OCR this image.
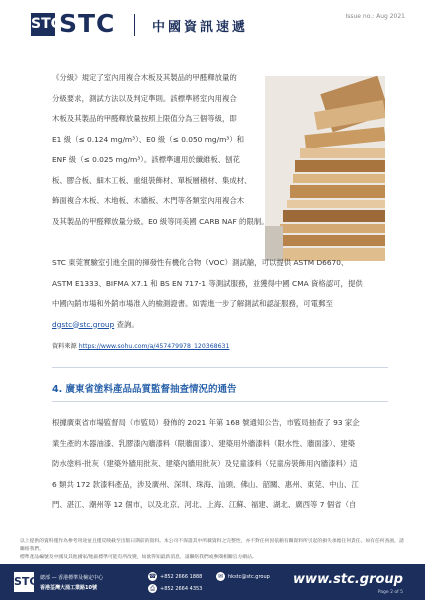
STC
STC	中國資訊速遞
Issue no.: Aug 2021
《分級》規定了室內用複合木板及其製品的甲醛釋放量的
分級要求，測試方法以及判定準則。該標準將室內用複合
木板及其製品的甲醛釋放量按照上限值分為三個等級，即
E1 級（≤ 0.124 mg/m³）、E0 級（≤ 0.050 mg/m³）和
ENF 級（≤ 0.025 mg/m³）。該標準適用於纖維板、刨花
板、膠合板、細木工板、重組裝飾材、單板層積材、集成材、
飾面複合木板、木地板、木牆板、木門等各類室內用複合木
及其製品的甲醛釋放量分級。E0 級等同美國 CARB NAF 的限制。
STC 東莞實驗室引進全面的揮發性有機化合物（VOC）測試艙，可以提供 ASTM D6670、
ASTM E1333、BIFMA X7.1 和 BS EN 717-1 等測試服務，並獲得中國 CMA 資格認可，提供
中國內銷市場和外銷市場准入的檢測證書。如需進一步了解測試和認証服務，可電郵至
dgstc@stc.group 查詢。
資料來源 https://www.sohu.com/a/457479978_120368631
4. 廣東省塗料產品品質監督抽查情況的通告
根據廣東省市場監督局（市監局）發佈的 2021 年第 168 號通知公告，市監局抽查了 93 家企
業生產的木器油漆、乳膠漆內牆漆料（限牆面漆）、建築用外牆漆料（限水性、牆面漆）、建築
防水塗料-批灰（建築外牆用批灰、建築內牆用批灰）及兒童漆料（兒童房裝飾用內牆漆料）這
6 類共 172 款漆料產品，涉及廣州、深圳、珠海、汕頭、佛山、韶關、惠州、東莞、中山、江
門、湛江、潮州等 12 個市，以及北京、河北、上海、江蘇、福建、湖北、廣西等 7 個省（自
以上提供的資料僅作為參考用途並且僅反映截至出版日期前的資料。本公司不保證其中所載資料之完整性，亦不對任何因依賴有關資料所引起的損失承擔任何責任。如有任何查詢，請聯絡我們。
標準產品編號及中國及其他國家/地區標準可能有所改變，如欲得知最新消息，請聯絡我們或參閱相關官方網站。
STC 總部 — 香港標準及檢定中心
香港荃灣大涌工業路10號
☎ +852 2666 1888
⎙	+852 2664 4353
✉ hkstc@stc.group www.stc.group
Page 2 of 5
